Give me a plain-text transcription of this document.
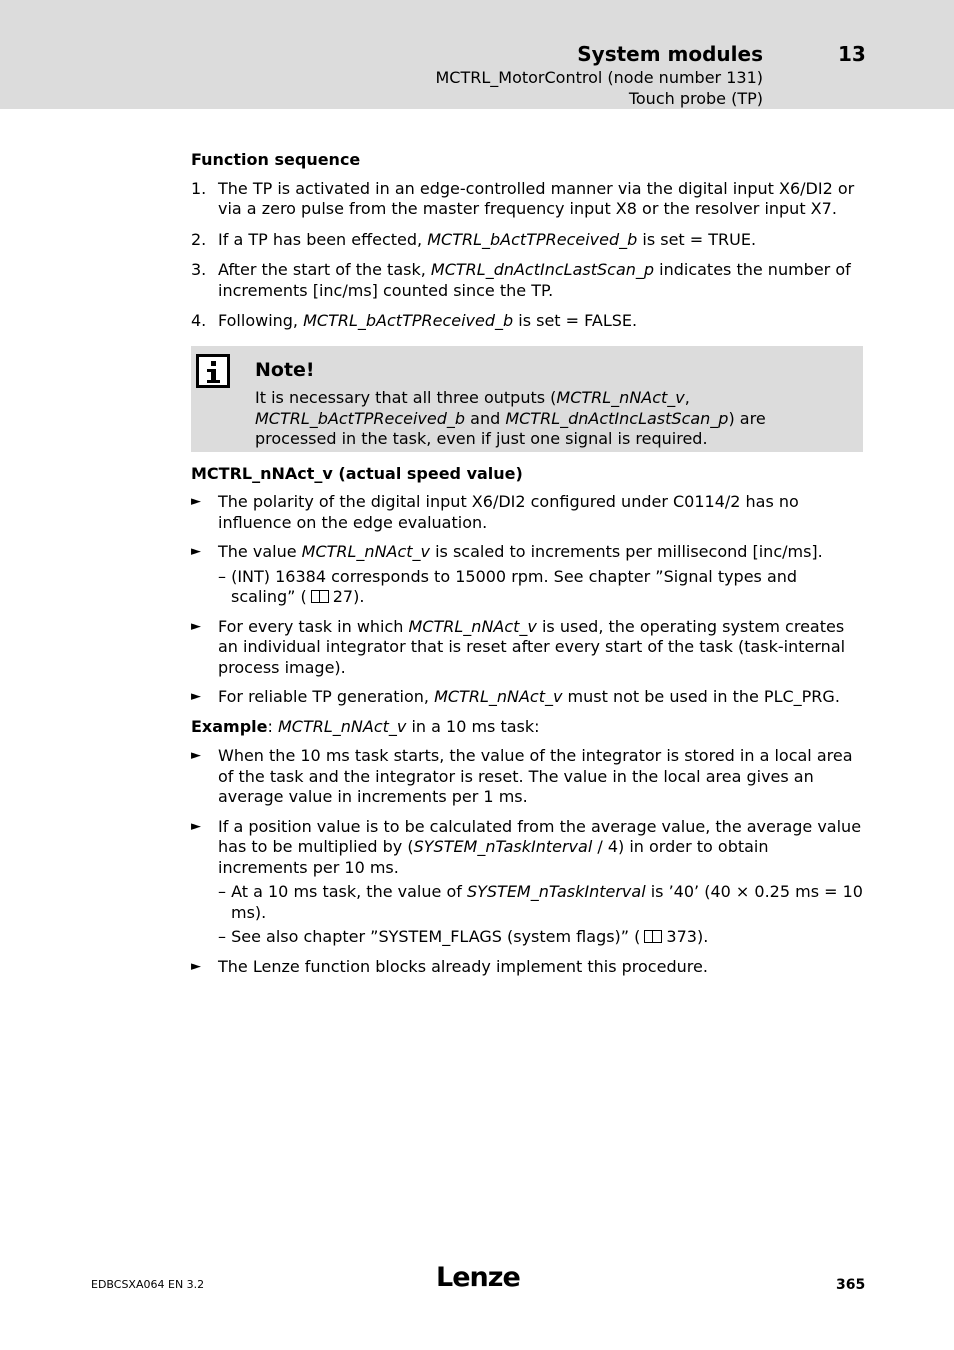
System modules	13
MCTRL_MotorControl (node number 131)
Touch probe (TP)
Function sequence
1. The TP is activated in an edge-controlled manner via the digital input X6/DI2 or via a zero pulse from the master frequency input X8 or the resolver input X7.
2. If a TP has been effected, MCTRL_bActTPReceived_b is set = TRUE.
3. After the start of the task, MCTRL_dnActIncLastScan_p indicates the number of increments [inc/ms] counted since the TP.
4. Following, MCTRL_bActTPReceived_b is set = FALSE.
Note!

It is necessary that all three outputs (MCTRL_nNAct_v, MCTRL_bActTPReceived_b and MCTRL_dnActIncLastScan_p) are processed in the task, even if just one signal is required.

MCTRL_nNAct_v (actual speed value)
► The polarity of the digital input X6/DI2 configured under C0114/2 has no influence on the edge evaluation.
► The value MCTRL_nNAct_v is scaled to increments per millisecond [inc/ms].
– (INT) 16384 corresponds to 15000 rpm. See chapter ”Signal types and scaling” ( 27).
► For every task in which MCTRL_nNAct_v is used, the operating system creates an individual integrator that is reset after every start of the task (task-internal process image).
► For reliable TP generation, MCTRL_nNAct_v must not be used in the PLC_PRG.

Example: MCTRL_nNAct_v in a 10 ms task:

► When the 10 ms task starts, the value of the integrator is stored in a local area of the task and the integrator is reset. The value in the local area gives an average value in increments per 1 ms.
► If a position value is to be calculated from the average value, the average value has to be multiplied by (SYSTEM_nTaskInterval / 4) in order to obtain increments per 10 ms.
– At a 10 ms task, the value of SYSTEM_nTaskInterval is ’40’ (40 × 0.25 ms = 10 ms).
– See also chapter ”SYSTEM_FLAGS (system flags)” ( 373).
► The Lenze function blocks already implement this procedure.
EDBCSXA064 EN 3.2	Lenze	365
